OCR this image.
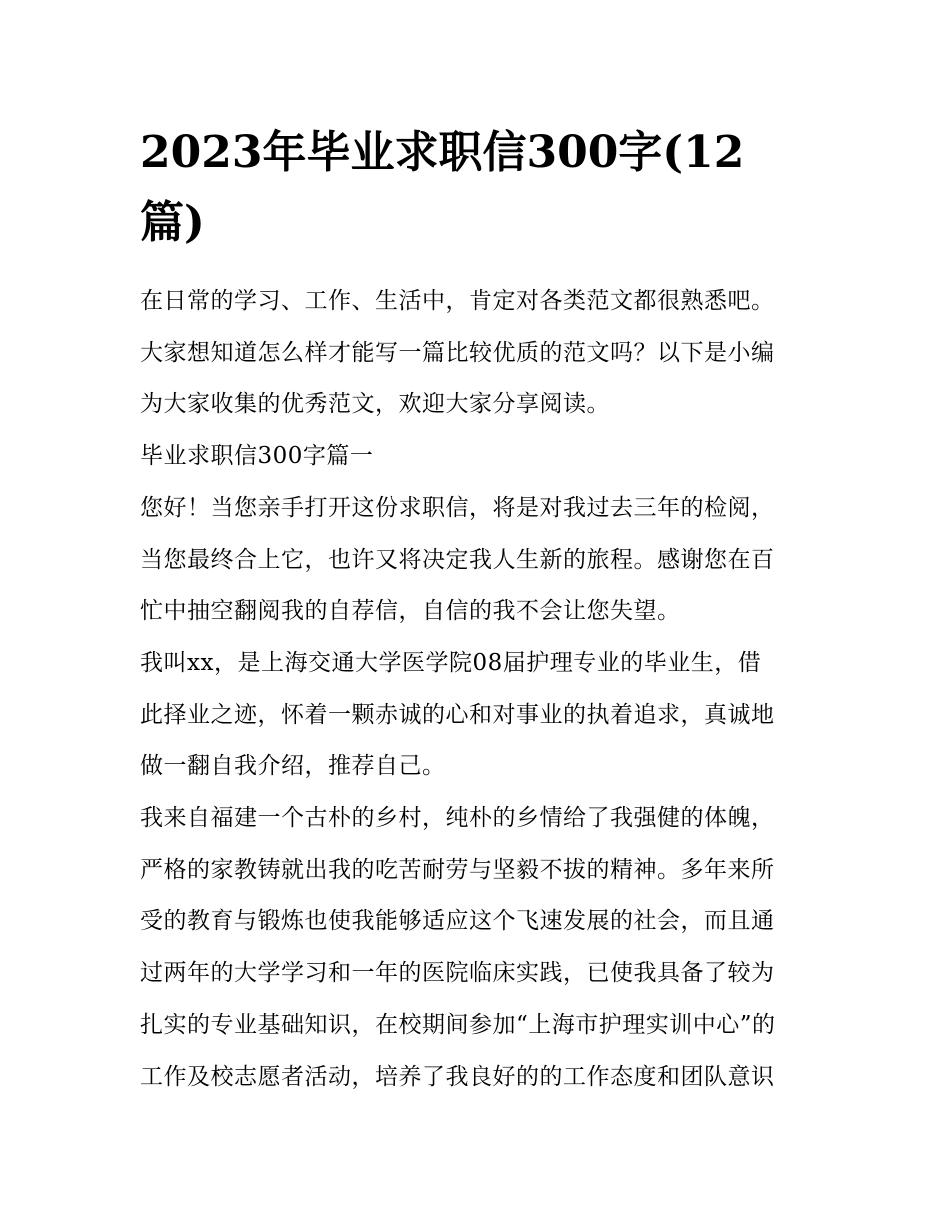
2023年毕业求职信300字(12
篇)

在日常的学习、工作、生活中，肯定对各类范文都很熟悉吧。
大家想知道怎么样才能写一篇比较优质的范文吗？以下是小编
为大家收集的优秀范文，欢迎大家分享阅读。

毕业求职信300字篇一

您好！当您亲手打开这份求职信，将是对我过去三年的检阅，
当您最终合上它，也许又将决定我人生新的旅程。感谢您在百
忙中抽空翻阅我的自荐信，自信的我不会让您失望。

我叫xx，是上海交通大学医学院08届护理专业的毕业生，借
此择业之迹，怀着一颗赤诚的心和对事业的执着追求，真诚地
做一翻自我介绍，推荐自己。

我来自福建一个古朴的乡村，纯朴的乡情给了我强健的体魄，
严格的家教铸就出我的吃苦耐劳与坚毅不拔的精神。多年来所
受的教育与锻炼也使我能够适应这个飞速发展的社会，而且通
过两年的大学学习和一年的医院临床实践，已使我具备了较为
扎实的专业基础知识，在校期间参加“上海市护理实训中心”的
工作及校志愿者活动，培养了我良好的的工作态度和团队意识
